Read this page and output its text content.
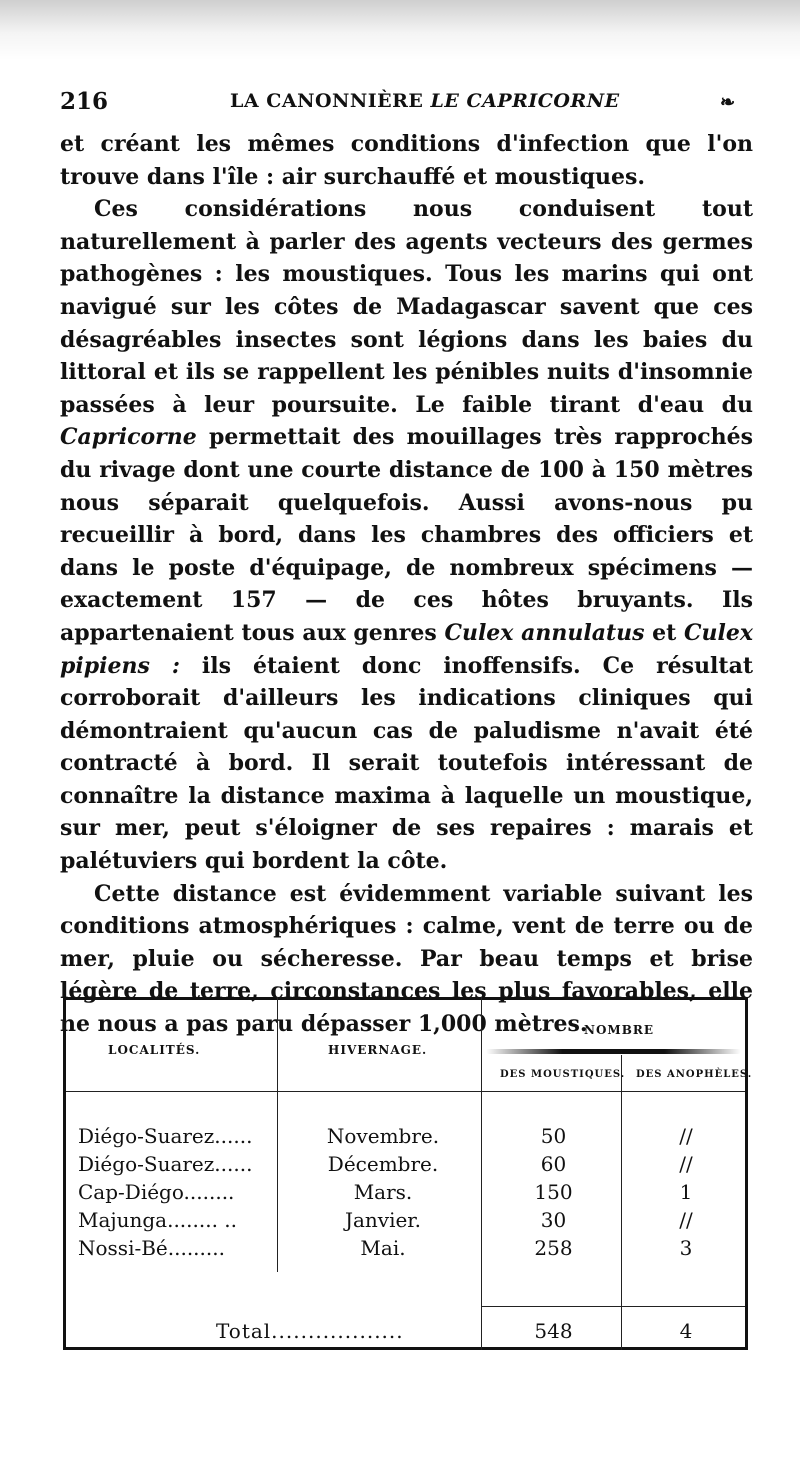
216	LA CANONNIÈRE LE CAPRICORNE	❧

et créant les mêmes conditions d'infection que l'on trouve dans l'île : air surchauffé et moustiques.

Ces considérations nous conduisent tout naturellement à parler des agents vecteurs des germes pathogènes : les moustiques. Tous les marins qui ont navigué sur les côtes de Madagascar savent que ces désagréables insectes sont légions dans les baies du littoral et ils se rappellent les pénibles nuits d'insomnie passées à leur poursuite. Le faible tirant d'eau du Capricorne permettait des mouillages très rapprochés du rivage dont une courte distance de 100 à 150 mètres nous séparait quelquefois. Aussi avons-nous pu recueillir à bord, dans les chambres des officiers et dans le poste d'équipage, de nombreux spécimens — exactement 157 — de ces hôtes bruyants. Ils appartenaient tous aux genres Culex annulatus et Culex pipiens : ils étaient donc inoffensifs. Ce résultat corroborait d'ailleurs les indications cliniques qui démontraient qu'aucun cas de paludisme n'avait été contracté à bord. Il serait toutefois intéressant de connaître la distance maxima à laquelle un moustique, sur mer, peut s'éloigner de ses repaires : marais et palétuviers qui bordent la côte.

Cette distance est évidemment variable suivant les conditions atmosphériques : calme, vent de terre ou de mer, pluie ou sécheresse. Par beau temps et brise légère de terre, circonstances les plus favorables, elle ne nous a pas paru dépasser 1,000 mètres.

LOCALITÉS.	HIVERNAGE.
NOMBRE
DES MOUSTIQUES. DES ANOPHÈLES.
Diégo-Suarez......	Novembre.	50	//
Diégo-Suarez......	Décembre.	60	//
Cap-Diégo........	Mars.	150	1
Majunga........ ..	Janvier.	30	//
Nossi-Bé.........	Mai.	258	3
Total..................	548	4
